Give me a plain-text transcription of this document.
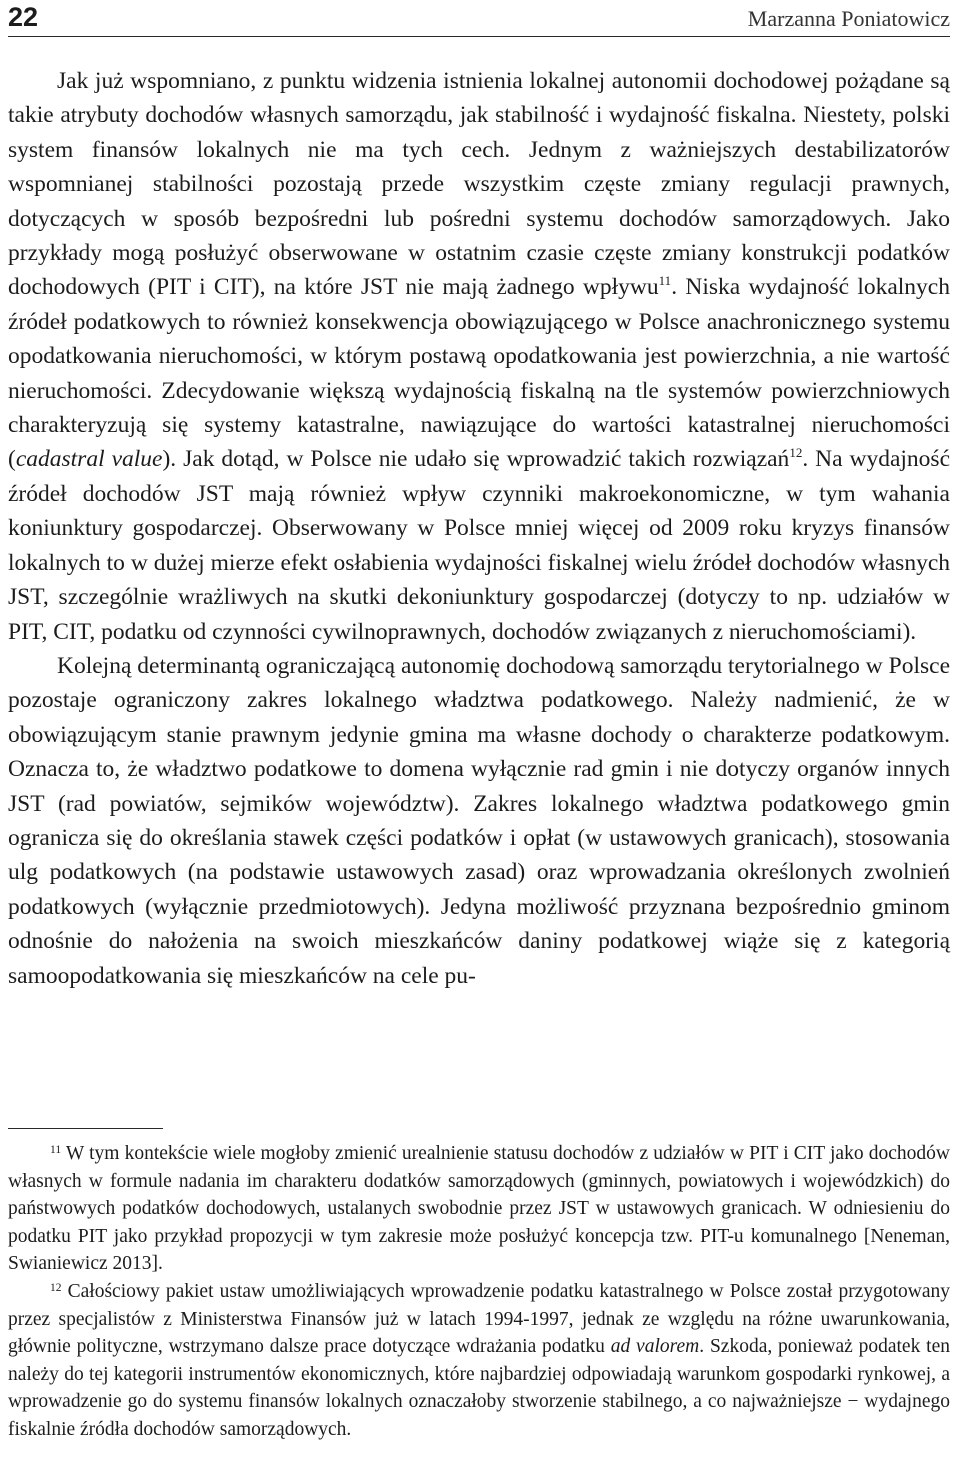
22	Marzanna Poniatowicz

Jak już wspomniano, z punktu widzenia istnienia lokalnej autonomii dochodowej pożądane są takie atrybuty dochodów własnych samorządu, jak stabilność i wydajność fiskalna. Niestety, polski system finansów lokalnych nie ma tych cech. Jednym z ważniejszych destabilizatorów wspomnianej stabilności pozostają przede wszystkim częste zmiany regulacji prawnych, dotyczących w sposób bezpośredni lub pośredni systemu dochodów samorządowych. Jako przykłady mogą posłużyć obserwowane w ostatnim czasie częste zmiany konstrukcji podatków dochodowych (PIT i CIT), na które JST nie mają żadnego wpływu$^{11}$. Niska wydajność lokalnych źródeł podatkowych to również konsekwencja obowiązującego w Polsce anachronicznego systemu opodatkowania nieruchomości, w którym postawą opodatkowania jest powierzchnia, a nie wartość nieruchomości. Zdecydowanie większą wydajnością fiskalną na tle systemów powierzchniowych charakteryzują się systemy katastralne, nawiązujące do wartości katastralnej nieruchomości (cadastral value). Jak dotąd, w Polsce nie udało się wprowadzić takich rozwiązań$^{12}$. Na wydajność źródeł dochodów JST mają również wpływ czynniki makroekonomiczne, w tym wahania koniunktury gospodarczej. Obserwowany w Polsce mniej więcej od 2009 roku kryzys finansów lokalnych to w dużej mierze efekt osłabienia wydajności fiskalnej wielu źródeł dochodów własnych JST, szczególnie wrażliwych na skutki dekoniunktury gospodarczej (dotyczy to np. udziałów w PIT, CIT, podatku od czynności cywilnoprawnych, dochodów związanych z nieruchomościami).

Kolejną determinantą ograniczającą autonomię dochodową samorządu terytorialnego w Polsce pozostaje ograniczony zakres lokalnego władztwa podatkowego. Należy nadmienić, że w obowiązującym stanie prawnym jedynie gmina ma własne dochody o charakterze podatkowym. Oznacza to, że władztwo podatkowe to domena wyłącznie rad gmin i nie dotyczy organów innych JST (rad powiatów, sejmików województw). Zakres lokalnego władztwa podatkowego gmin ogranicza się do określania stawek części podatków i opłat (w ustawowych granicach), stosowania ulg podatkowych (na podstawie ustawowych zasad) oraz wprowadzania określonych zwolnień podatkowych (wyłącznie przedmiotowych). Jedyna możliwość przyznana bezpośrednio gminom odnośnie do nałożenia na swoich mieszkańców daniny podatkowej wiąże się z kategorią samoopodatkowania się mieszkańców na cele pu-

$^{11}$ W tym kontekście wiele mogłoby zmienić urealnienie statusu dochodów z udziałów w PIT i CIT jako dochodów własnych w formule nadania im charakteru dodatków samorządowych (gminnych, powiatowych i wojewódzkich) do państwowych podatków dochodowych, ustalanych swobodnie przez JST w ustawowych granicach. W odniesieniu do podatku PIT jako przykład propozycji w tym zakresie może posłużyć koncepcja tzw. PIT-u komunalnego [Neneman, Swianiewicz 2013].

$^{12}$ Całościowy pakiet ustaw umożliwiających wprowadzenie podatku katastralnego w Polsce został przygotowany przez specjalistów z Ministerstwa Finansów już w latach 1994-1997, jednak ze względu na różne uwarunkowania, głównie polityczne, wstrzymano dalsze prace dotyczące wdrażania podatku ad valorem. Szkoda, ponieważ podatek ten należy do tej kategorii instrumentów ekonomicznych, które najbardziej odpowiadają warunkom gospodarki rynkowej, a wprowadzenie go do systemu finansów lokalnych oznaczałoby stworzenie stabilnego, a co najważniejsze − wydajnego fiskalnie źródła dochodów samorządowych.
